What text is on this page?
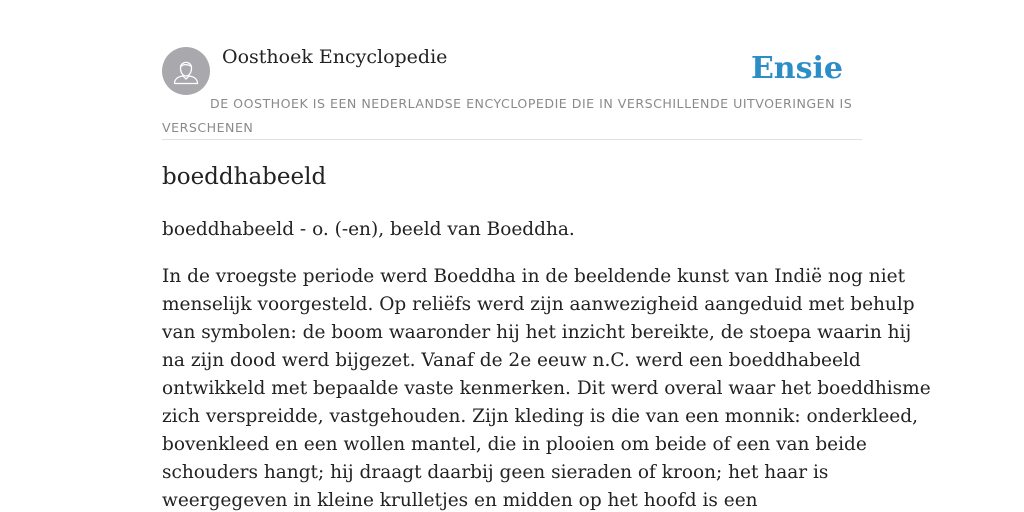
Oosthoek Encyclopedie	Ensie
DE OOSTHOEK IS EEN NEDERLANDSE ENCYCLOPEDIE DIE IN VERSCHILLENDE UITVOERINGEN IS VERSCHENEN
boeddhabeeld

boeddhabeeld - o. (-en), beeld van Boeddha.

In de vroegste periode werd Boeddha in de beeldende kunst van Indië nog niet
menselijk voorgesteld. Op reliëfs werd zijn aanwezigheid aangeduid met behulp
van symbolen: de boom waaronder hij het inzicht bereikte, de stoepa waarin hij
na zijn dood werd bijgezet. Vanaf de 2e eeuw n.C. werd een boeddhabeeld
ontwikkeld met bepaalde vaste kenmerken. Dit werd overal waar het boeddhisme
zich verspreidde, vastgehouden. Zijn kleding is die van een monnik: onderkleed,
bovenkleed en een wollen mantel, die in plooien om beide of een van beide
schouders hangt; hij draagt daarbij geen sieraden of kroon; het haar is
weergegeven in kleine krulletjes en midden op het hoofd is een
